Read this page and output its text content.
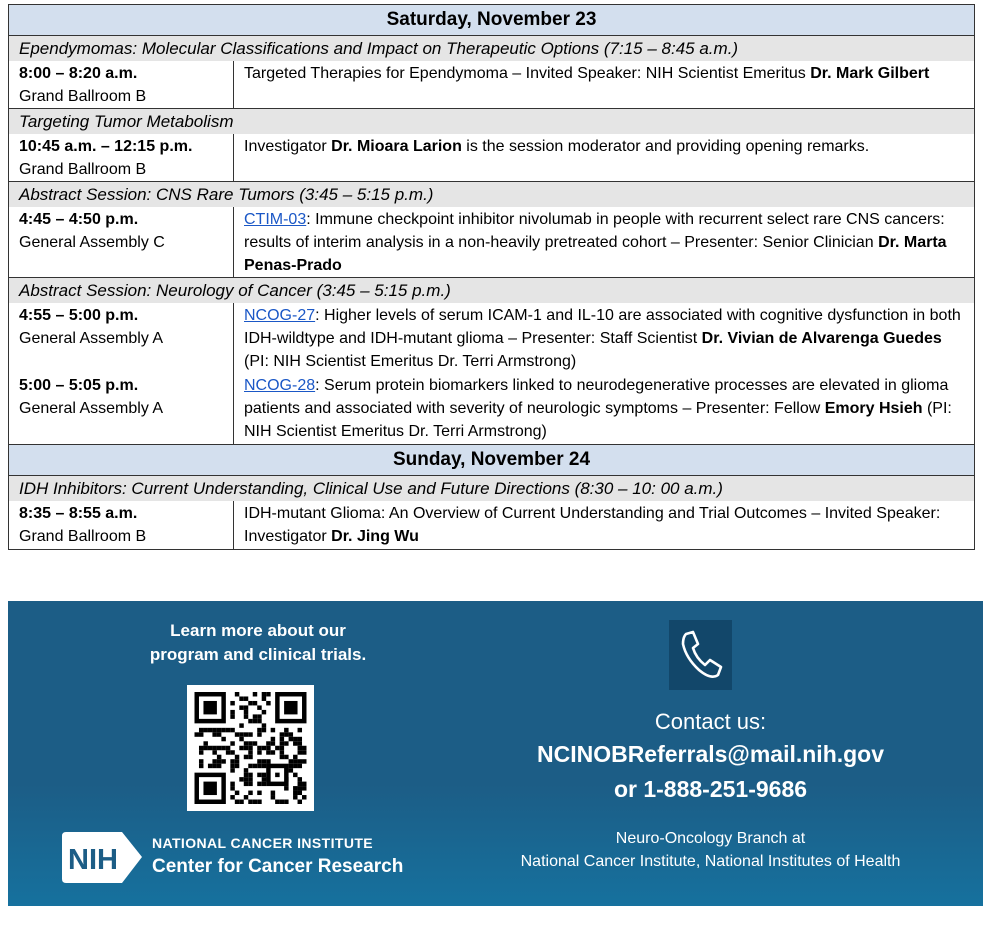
Saturday, November 23	
Ependymomas: Molecular Classifications and Impact on Therapeutic Options (7:15 – 8:45 a.m.)	

8:00 – 8:20 a.m.
Grand Ballroom B	Targeted Therapies for Ependymoma – Invited Speaker: NIH Scientist Emeritus Dr. Mark Gilbert
Targeting Tumor Metabolism	

10:45 a.m. – 12:15 p.m.
Grand Ballroom B	Investigator Dr. Mioara Larion is the session moderator and providing opening remarks.
Abstract Session: CNS Rare Tumors (3:45 – 5:15 p.m.)	

4:45 – 4:50 p.m.
General Assembly C	CTIM-03: Immune checkpoint inhibitor nivolumab in people with recurrent select rare CNS cancers: results of interim analysis in a non-heavily pretreated cohort – Presenter: Senior Clinician Dr. Marta Penas-Prado
Abstract Session: Neurology of Cancer (3:45 – 5:15 p.m.)	

4:55 – 5:00 p.m.
General Assembly A	NCOG-27: Higher levels of serum ICAM-1 and IL-10 are associated with cognitive dysfunction in both IDH-wildtype and IDH-mutant glioma – Presenter: Staff Scientist Dr. Vivian de Alvarenga Guedes (PI: NIH Scientist Emeritus Dr. Terri Armstrong)

5:00 – 5:05 p.m.
General Assembly A	NCOG-28: Serum protein biomarkers linked to neurodegenerative processes are elevated in glioma patients and associated with severity of neurologic symptoms – Presenter: Fellow Emory Hsieh (PI: NIH Scientist Emeritus Dr. Terri Armstrong)
Sunday, November 24	
IDH Inhibitors: Current Understanding, Clinical Use and Future Directions (8:30 – 10: 00 a.m.)	

8:35 – 8:55 a.m.
Grand Ballroom B	IDH-mutant Glioma: An Overview of Current Understanding and Trial Outcomes – Invited Speaker: Investigator Dr. Jing Wu
Learn more about our
program and clinical trials.
NIH
NATIONAL CANCER INSTITUTE
Center for Cancer Research
Contact us:
NCINOBReferrals@mail.nih.gov
or 1-888-251-9686
Neuro-Oncology Branch at
National Cancer Institute, National Institutes of Health
